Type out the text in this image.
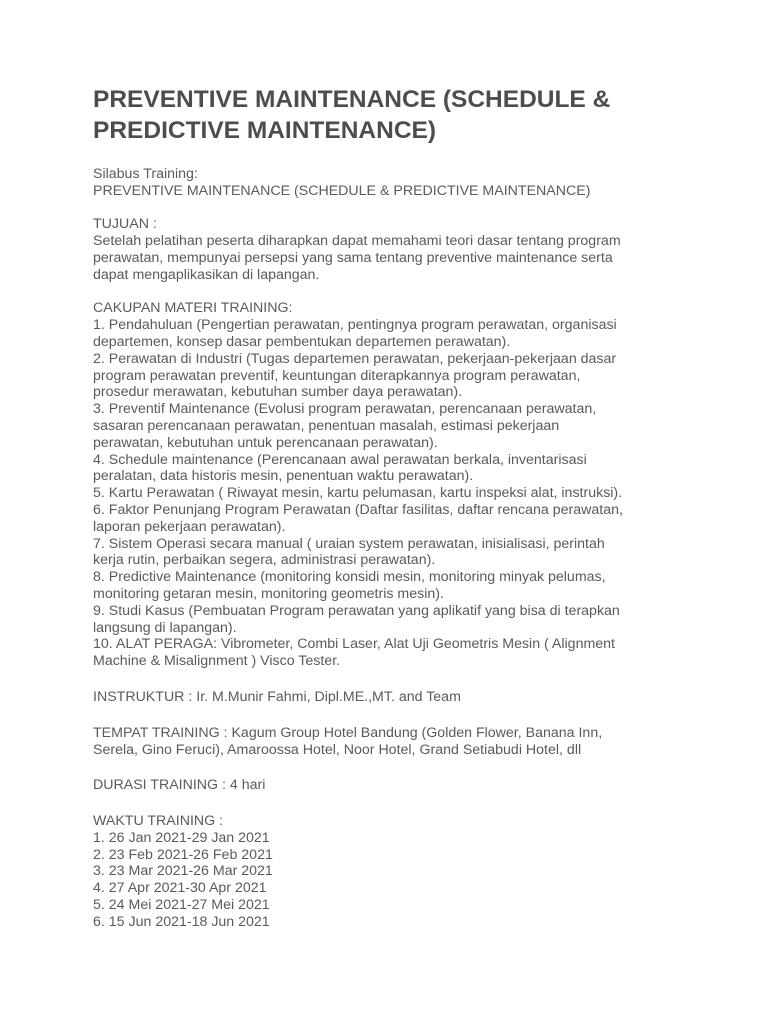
PREVENTIVE MAINTENANCE (SCHEDULE &
PREDICTIVE MAINTENANCE)
Silabus Training:
PREVENTIVE MAINTENANCE (SCHEDULE & PREDICTIVE MAINTENANCE)
TUJUAN :
Setelah pelatihan peserta diharapkan dapat memahami teori dasar tentang program
perawatan, mempunyai persepsi yang sama tentang preventive maintenance serta
dapat mengaplikasikan di lapangan.
CAKUPAN MATERI TRAINING:
1. Pendahuluan (Pengertian perawatan, pentingnya program perawatan, organisasi
departemen, konsep dasar pembentukan departemen perawatan).
2. Perawatan di Industri (Tugas departemen perawatan, pekerjaan-pekerjaan dasar
program perawatan preventif, keuntungan diterapkannya program perawatan,
prosedur merawatan, kebutuhan sumber daya perawatan).
3. Preventif Maintenance (Evolusi program perawatan, perencanaan perawatan,
sasaran perencanaan perawatan, penentuan masalah, estimasi pekerjaan
perawatan, kebutuhan untuk perencanaan perawatan).
4. Schedule maintenance (Perencanaan awal perawatan berkala, inventarisasi
peralatan, data historis mesin, penentuan waktu perawatan).
5. Kartu Perawatan ( Riwayat mesin, kartu pelumasan, kartu inspeksi alat, instruksi).
6. Faktor Penunjang Program Perawatan (Daftar fasilitas, daftar rencana perawatan,
laporan pekerjaan perawatan).
7. Sistem Operasi secara manual ( uraian system perawatan, inisialisasi, perintah
kerja rutin, perbaikan segera, administrasi perawatan).
8. Predictive Maintenance (monitoring konsidi mesin, monitoring minyak pelumas,
monitoring getaran mesin, monitoring geometris mesin).
9. Studi Kasus (Pembuatan Program perawatan yang aplikatif yang bisa di terapkan
langsung di lapangan).
10. ALAT PERAGA: Vibrometer, Combi Laser, Alat Uji Geometris Mesin ( Alignment
Machine & Misalignment ) Visco Tester.
INSTRUKTUR : Ir. M.Munir Fahmi, Dipl.ME.,MT. and Team
TEMPAT TRAINING : Kagum Group Hotel Bandung (Golden Flower, Banana Inn,
Serela, Gino Feruci), Amaroossa Hotel, Noor Hotel, Grand Setiabudi Hotel, dll
DURASI TRAINING : 4 hari
WAKTU TRAINING :
1. 26 Jan 2021-29 Jan 2021
2. 23 Feb 2021-26 Feb 2021
3. 23 Mar 2021-26 Mar 2021
4. 27 Apr 2021-30 Apr 2021
5. 24 Mei 2021-27 Mei 2021
6. 15 Jun 2021-18 Jun 2021
